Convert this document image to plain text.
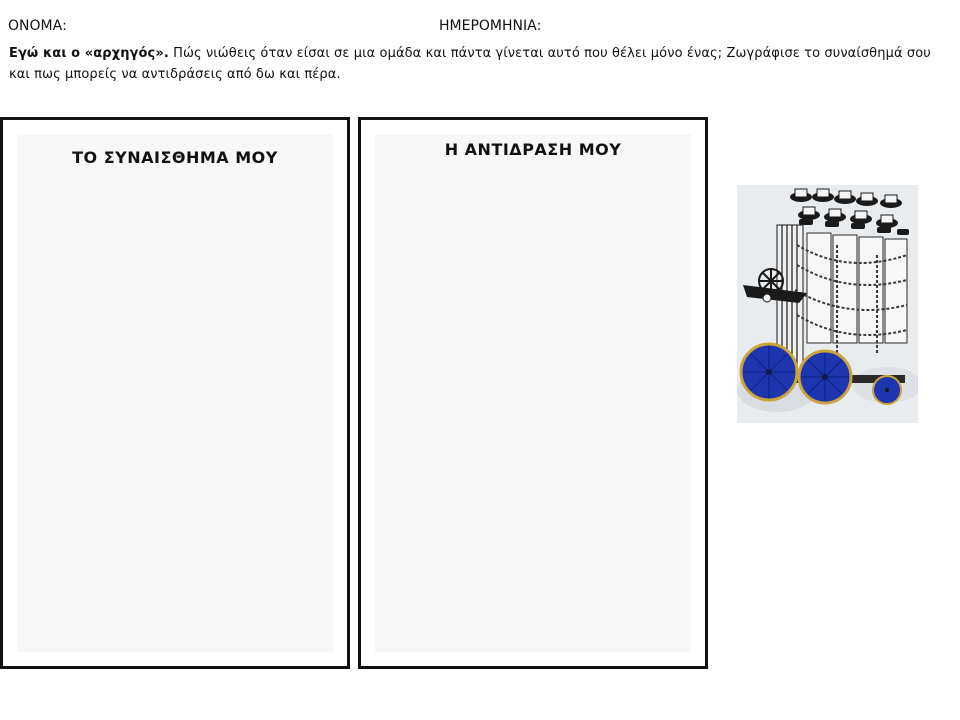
ΟΝΟΜΑ:	ΗΜΕΡΟΜΗΝΙΑ:
Εγώ και ο «αρχηγός». Πώς νιώθεις όταν είσαι σε μια ομάδα και πάντα γίνεται αυτό που θέλει μόνο ένας; Ζωγράφισε το συναίσθημά σου και πως μπορείς να αντιδράσεις από δω και πέρα.
ΤΟ ΣΥΝΑΙΣΘΗΜΑ ΜΟΥ	Η ΑΝΤΙΔΡΑΣΗ ΜΟΥ
